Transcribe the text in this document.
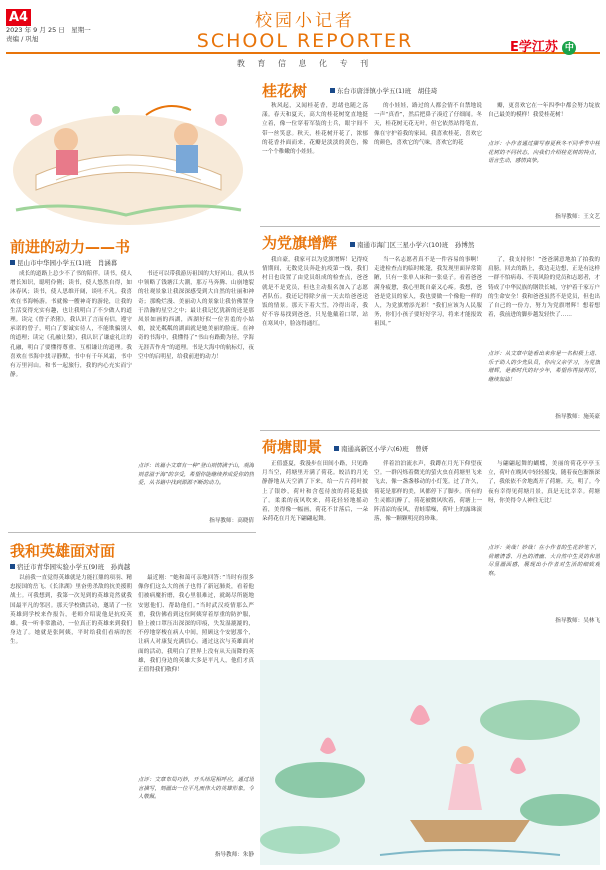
A4
2023 年 9 月 25 日　星期一
责编 / 巩旭
校园小记者
SCHOOL REPORTER
教 育 信 息 化 专 刊
E学江苏 中
前进的动力——书
昆山市中华园小学五(1)班　肖涵暮
成长的道路上总少不了书的陪伴。读书，使人增长知识，聪明伶俐；读书，使人悠然自得，如沐春风；读书，使人思维开阔，谈吐不凡。我喜欢在书海畅游。书就像一艘神奇的游轮，让我的生活变得充实有趣，也让我明白了不少做人的道理。读完《曾子杀猪》，我认识了言而有信，遵守承诺的曾子，明白了要诚实待人，不能欺骗别人的道理；读完《孔融让梨》，我认识了谦虚礼让的孔融，明白了要懂得尊重、互相谦让的道理。我喜欢在书海中找寻静默，书中有千年风霜，书中有万里河山。和书一起旅行，我的内心充实而宁静。
书还可以带我游历祖国的大好河山。我从书中领略了钱塘江大潮，那万马奔腾、山崩地裂的壮观景象让我深深感受到大自然的壮丽和神奇；那晚烂漫、美丽动人的景象让我仿佛置身于浩瀚的星空之中；最让我记忆犹新的还是那凤景如画的西湖，西湖好似一位害羞的小姑娘，波光粼粼的湖面就是她美丽的脸庞。在神奇的书海中，我懂得了“书山有路勤为径，学海无涯苦作舟”的道理。书是大海中的航标灯，夜空中的启明星，给我前进的动力！
点评：该篇小文章有一种“登山则情满于山，观海则意溢于海”的享受，希望你能继续养成爱你的热爱，从书籍中找到源源不断的动力。
指导教师：高晓倩
我和英雄面对面
宿迁市青华园实验小学五(9)班　孙尚越
以前我一直觉得英雄就是力能扛鼎的项羽、精忠报国的岳飞、《长津湖》里奋勇杀敌的抗美援朝战士。可我想到，我第一次见到的英雄竟然就我国最平凡的邻居。那天学校做活动，邀请了一位英雄到学校来作报告，老师介绍说他是抗疫英雄。我一听非常激动，一位真正的英雄来到我们身边了。她就是张阿姨，平时给我们看病的医生。
最近刚：“她和蔼可亲地回答：”当时有很多像你们这么大的孩子也得了新冠肺炎，看着他们被病魔折磨，我心里很难过，就竭尽所能地安慰他们、帮助他们。”当时武汉疫情那么严重，我仿佛看到这位阿姨穿着厚重的防护服，脸上被口罩压出深深的印痕，失发湿漉漉的，不停地穿梭在病人中间，照顾这个安慰那个，让病人对康复充满信心。通过这次与英雄面对面的活动，我明白了世界上没有从天而降的英雄，我们身边的英雄大多是平凡人，他们才真正值得我们敬仰！
点评：文章布局巧妙，开头结尾相呼应，通过语言描写，刻画出一位平凡而伟大的英雄形象，令人敬佩。
指导教师：朱静
桂花树	东台市唐洋镇小学五(1)班　胡佳琦
秋风起，又闻桂花香，思绪也随之荡漾。春天和夏天，高大的桂花树宽直地挺立着，像一位穿着军装的士兵，眼宇间不带一丝笑意。秋天，桂花树开花了，浓郁的花香扑面而来，花瓣是淡淡的黄色，像一个个稚嫩的小娃娃。
的小娃娃，路过的人都会情不自禁地说一声“真香”，然后把鼻子凑近了仔细闻。冬天，桂花树无花无叶，但它依然站得笔直，像在守护着我的家园。我喜欢桂花，喜欢它的颜色，喜欢它的气味，喜欢它的花
瓣，更喜欢它在一年四季中都会努力绽放自己最美的模样！我爱桂花树！
点评：小作者通过描写春夏秋冬不同季节中桂花树的不同状态，向我们介绍桂花树的特点，语言生动，感情真挚。
指导教师：王文艺
为党旗增辉	南通市海门区三星小学六(10)班　孙博然
我自豪，我家可以为党旗增辉！记得疫情期间，无数党员奔赴抗疫第一线，我们村日也设置了由党员组成的检查点，爸爸就是不是党员，但也主动报名加入了志愿者队伍。我还记得除夕前一天去给爸爸送饭的情景。那天下着大雪，冷得出奇，我好不容易找到爸爸，只见他戴着口罩，站在寒风中，脸冻得通红。
当一名志愿者真不是一件容易的事啊！走进检查点的临时帐篷，我发现里面异常简陋，只有一张单人床和一张桌子。看着爸爸满身疲惫，我心里既自豪又心疼。我想，爸爸是党员的家人，我也要做一个像他一样的人，为党旗增添光彩！“我们应该为人民服务，你们小孩子要好好学习，将来才能报效祖国。”
了，我支持你！”爸爸满意地拍了拍我的肩膀。回去的路上，我边走边想，正是有这样一群不怕病毒、不畏风险的党员和志愿者，才铸成了中华民族的钢铁长城，守护着千家万户的生命安全！我和爸爸虽然不是党员，但也出了自己的一份力，努力为党旗增辉！想着想着，我前进的脚步越发轻快了……
点评：从文章中能看出来你是一名积极上进、乐于助人的少先队员，你向父亲学习，为党旗增辉，是新时代的好少年，希望你再接再厉，继续加油！
指导教师：施英豪
荷塘即景	南通高新区小学六(6)班　曾妍
正值盛夏，我漫步在田间小路，只见路月当空，荷塘里开满了荷花。皎洁的月光静静地从天空洒了下来，给一片片荷叶披上了银纱，荷叶和含苞待放的荷花挺拔了。柔柔的夜风吹来，荷花轻轻地摇动着，美得像一幅画，荷花不甘落后，一朵朵荷花在月光下翩翩起舞。
伴着泊泊流水声，我蹲在月光下仰望夜空。一群闪烁着微光的萤火虫在荷塘里飞来飞去，像一盏盏移动的小灯笼。过了许久，荷花是那样的美，风都停下了脚步。所有的生灵都沉醉了，荷花被微风吹着，荷塘上一阵清凉的夜风，青蛙聒噪，荷叶上的露珠滚落，像一颗颗明亮的珍珠。
与翩翩起舞的蝴蝶，美丽的荷花亭亭玉立，荷叶在晚风中轻轻摇曳，随着夜色渐渐深了，我依依不舍地离开了荷塘。天，明了。今夜有幸得见荷塘月景，真是无比幸幸。荷塘呀，你美得令人神往无比！
点评：美哉！妙哉！在小作者的生花妙笔下，荷塘清香、月色的清幽、大自然中生灵的和谐尽显画面感，展现出小作者对生活的细致观察。
指导教师：吴林飞
